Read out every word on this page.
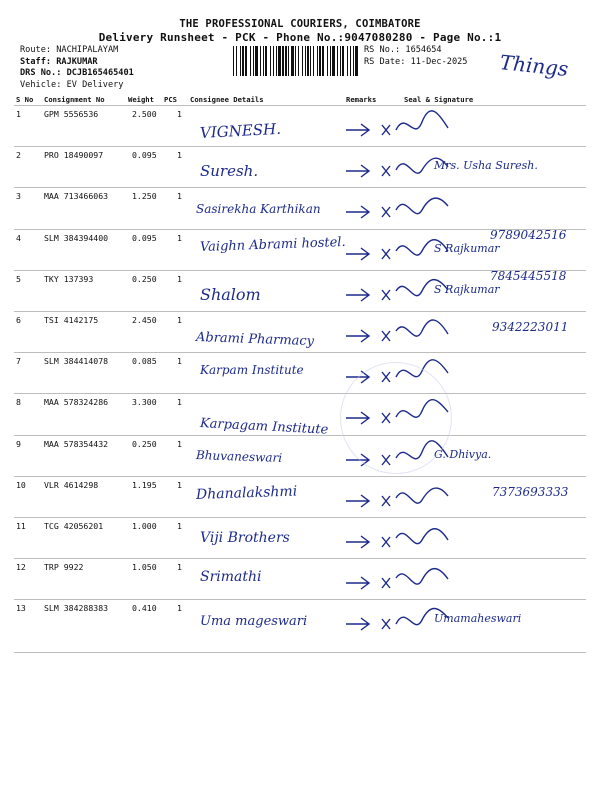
THE PROFESSIONAL COURIERS, COIMBATORE
Delivery Runsheet - PCK - Phone No.:9047080280 - Page No.:1
Route: NACHIPALAYAM
Staff: RAJKUMAR
DRS No.: DCJB165465401
Vehicle: EV Delivery
RS No.: 1654654
RS Date: 11-Dec-2025 Things
S No Consignment No	Weight PCS Consignee Details	Remarks	Seal & Signature
1	GPM 5556536	2.500 1
VIGNESH.
2	PRO 18490097	0.095 1
Suresh.	Mrs. Usha Suresh.
3	MAA 713466063	1.250 1
Sasirekha Karthikan
4	SLM 384394400	0.095 1 Vaighn Abrami hostel.	S Rajkumar
9789042516
5	TKY 137393	0.250 1
Shalom	S Rajkumar
7845445518
6	TSI 4142175	2.450 1
Abrami Pharmacy
9342223011
7	SLM 384414078	0.085 1
Karpam Institute
8	MAA 578324286	3.300 1
Karpagam Institute
9	MAA 578354432	0.250 1
Bhuvaneswari	G. Dhivya.
10 VLR 4614298	1.195 1 Dhanalakshmi	7373693333
11 TCG 42056201	1.000 1
Viji Brothers
12 TRP 9922	1.050 1
Srimathi
13 SLM 384288383	0.410 1
Uma mageswari	Umamaheswari
